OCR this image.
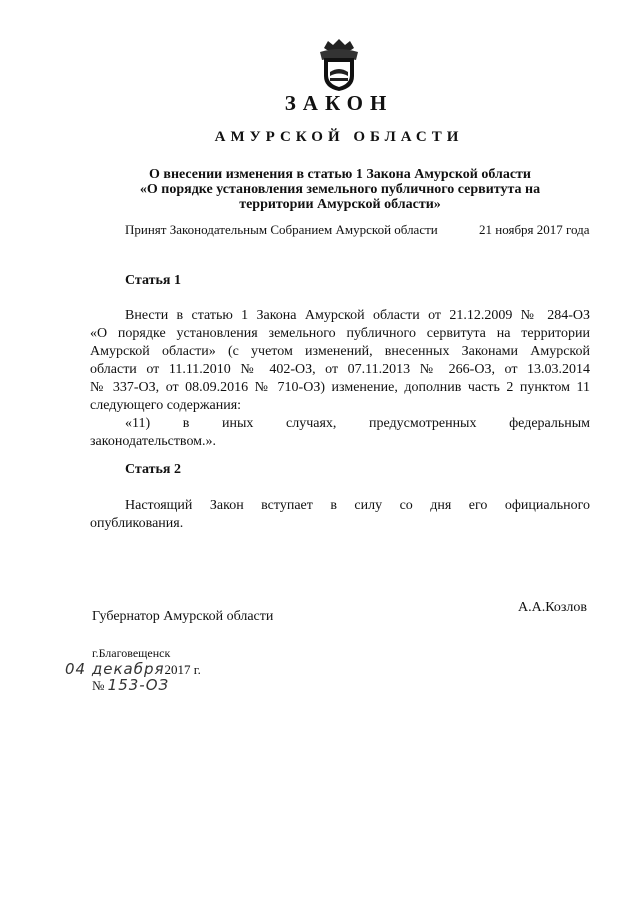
ЗАКОН
АМУРСКОЙ ОБЛАСТИ
О внесении изменения в статью 1 Закона Амурской области
«О порядке установления земельного публичного сервитута на
территории Амурской области»
Принят Законодательным Собранием Амурской области	21 ноября 2017 года
Статья 1
Внести в статью 1 Закона Амурской области от 21.12.2009 № 284-ОЗ
«О порядке установления земельного публичного сервитута на территории
Амурской области» (с учетом изменений, внесенных Законами Амурской
области от 11.11.2010 № 402-ОЗ, от 07.11.2013 № 266-ОЗ, от 13.03.2014
№ 337-ОЗ, от 08.09.2016 № 710-ОЗ) изменение, дополнив часть 2 пунктом 11
следующего содержания:
«11) в иных случаях, предусмотренных федеральным
законодательством.».
Статья 2
Настоящий Закон вступает в силу со дня его официального
опубликования.
Губернатор Амурской области
А.А.Козлов
г.Благовещенск
04 декабря2017 г.
№ 153-ОЗ
